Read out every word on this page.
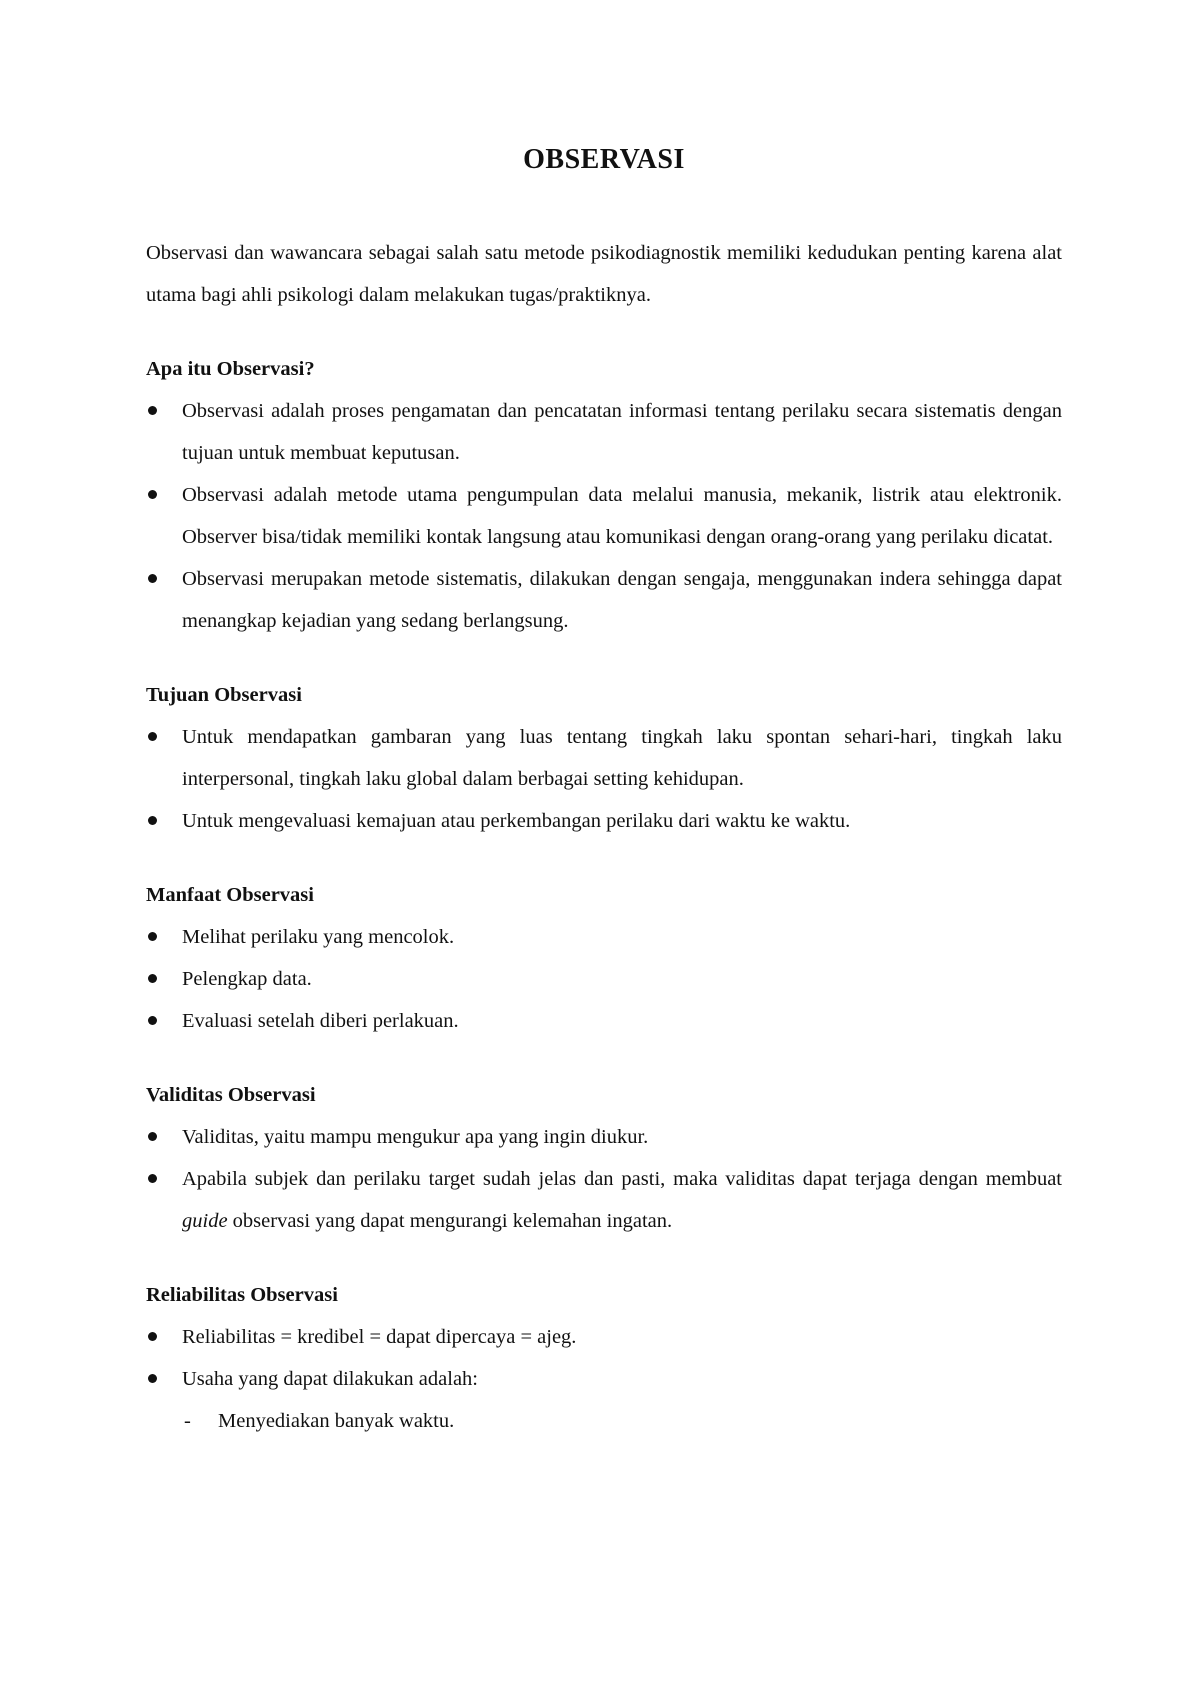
OBSERVASI

Observasi dan wawancara sebagai salah satu metode psikodiagnostik memiliki kedudukan penting karena alat utama bagi ahli psikologi dalam melakukan tugas/praktiknya.

Apa itu Observasi?

Observasi adalah proses pengamatan dan pencatatan informasi tentang perilaku secara sistematis dengan tujuan untuk membuat keputusan.
Observasi adalah metode utama pengumpulan data melalui manusia, mekanik, listrik atau elektronik. Observer bisa/tidak memiliki kontak langsung atau komunikasi dengan orang-orang yang perilaku dicatat.
Observasi merupakan metode sistematis, dilakukan dengan sengaja, menggunakan indera sehingga dapat menangkap kejadian yang sedang berlangsung.

Tujuan Observasi

Untuk mendapatkan gambaran yang luas tentang tingkah laku spontan sehari-hari, tingkah laku interpersonal, tingkah laku global dalam berbagai setting kehidupan.
Untuk mengevaluasi kemajuan atau perkembangan perilaku dari waktu ke waktu.

Manfaat Observasi

Melihat perilaku yang mencolok.
Pelengkap data.
Evaluasi setelah diberi perlakuan.

Validitas Observasi

Validitas, yaitu mampu mengukur apa yang ingin diukur.
Apabila subjek dan perilaku target sudah jelas dan pasti, maka validitas dapat terjaga dengan membuat guide observasi yang dapat mengurangi kelemahan ingatan.

Reliabilitas Observasi

Reliabilitas = kredibel = dapat dipercaya = ajeg.
Usaha yang dapat dilakukan adalah:
- Menyediakan banyak waktu.
